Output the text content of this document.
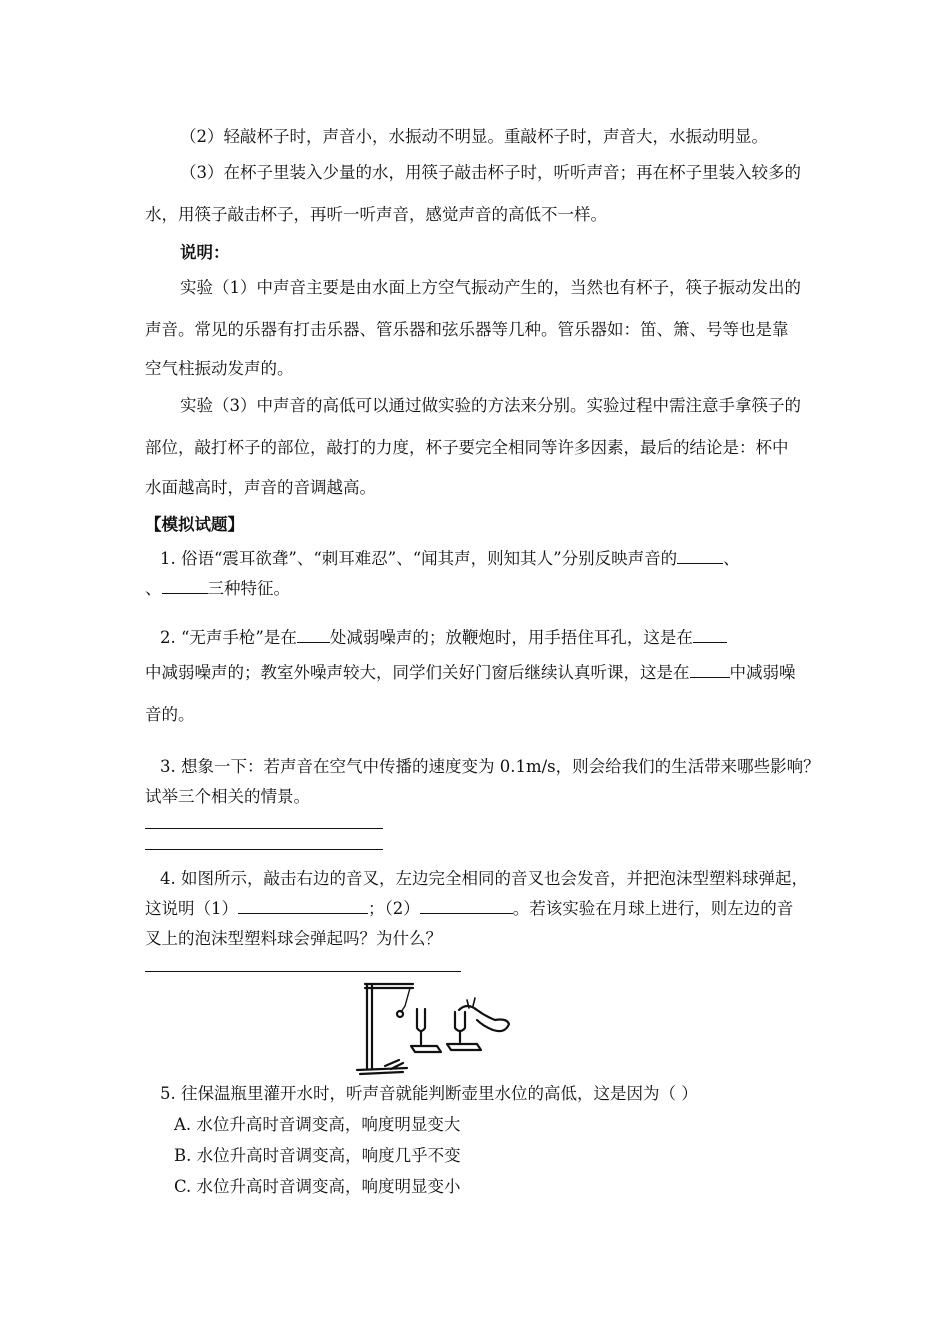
（2）轻敲杯子时，声音小，水振动不明显。重敲杯子时，声音大，水振动明显。
（3）在杯子里装入少量的水，用筷子敲击杯子时，听听声音；再在杯子里装入较多的
水，用筷子敲击杯子，再听一听声音，感觉声音的高低不一样。
说明：
实验（1）中声音主要是由水面上方空气振动产生的，当然也有杯子，筷子振动发出的
声音。常见的乐器有打击乐器、管乐器和弦乐器等几种。管乐器如：笛、箫、号等也是靠
空气柱振动发声的。
实验（3）中声音的高低可以通过做实验的方法来分别。实验过程中需注意手拿筷子的
部位，敲打杯子的部位，敲打的力度，杯子要完全相同等许多因素，最后的结论是：杯中
水面越高时，声音的音调越高。
【模拟试题】
1. 俗语“震耳欲聋”、“刺耳难忍”、“闻其声，则知其人”分别反映声音的	、
、	三种特征。
2. “无声手枪”是在 处减弱噪声的；放鞭炮时，用手捂住耳孔，这是在
中减弱噪声的；教室外噪声较大，同学们关好门窗后继续认真听课，这是在 中减弱噪
音的。
3. 想象一下：若声音在空气中传播的速度变为 0.1m/s，则会给我们的生活带来哪些影响？
试举三个相关的情景。
4. 如图所示，敲击右边的音叉，左边完全相同的音叉也会发音，并把泡沫型塑料球弹起，
这说明（1）	；（2）	。若该实验在月球上进行，则左边的音
叉上的泡沫型塑料球会弹起吗？为什么？
5. 往保温瓶里灌开水时，听声音就能判断壶里水位的高低，这是因为（ ）
A. 水位升高时音调变高，响度明显变大
B. 水位升高时音调变高，响度几乎不变
C. 水位升高时音调变高，响度明显变小
